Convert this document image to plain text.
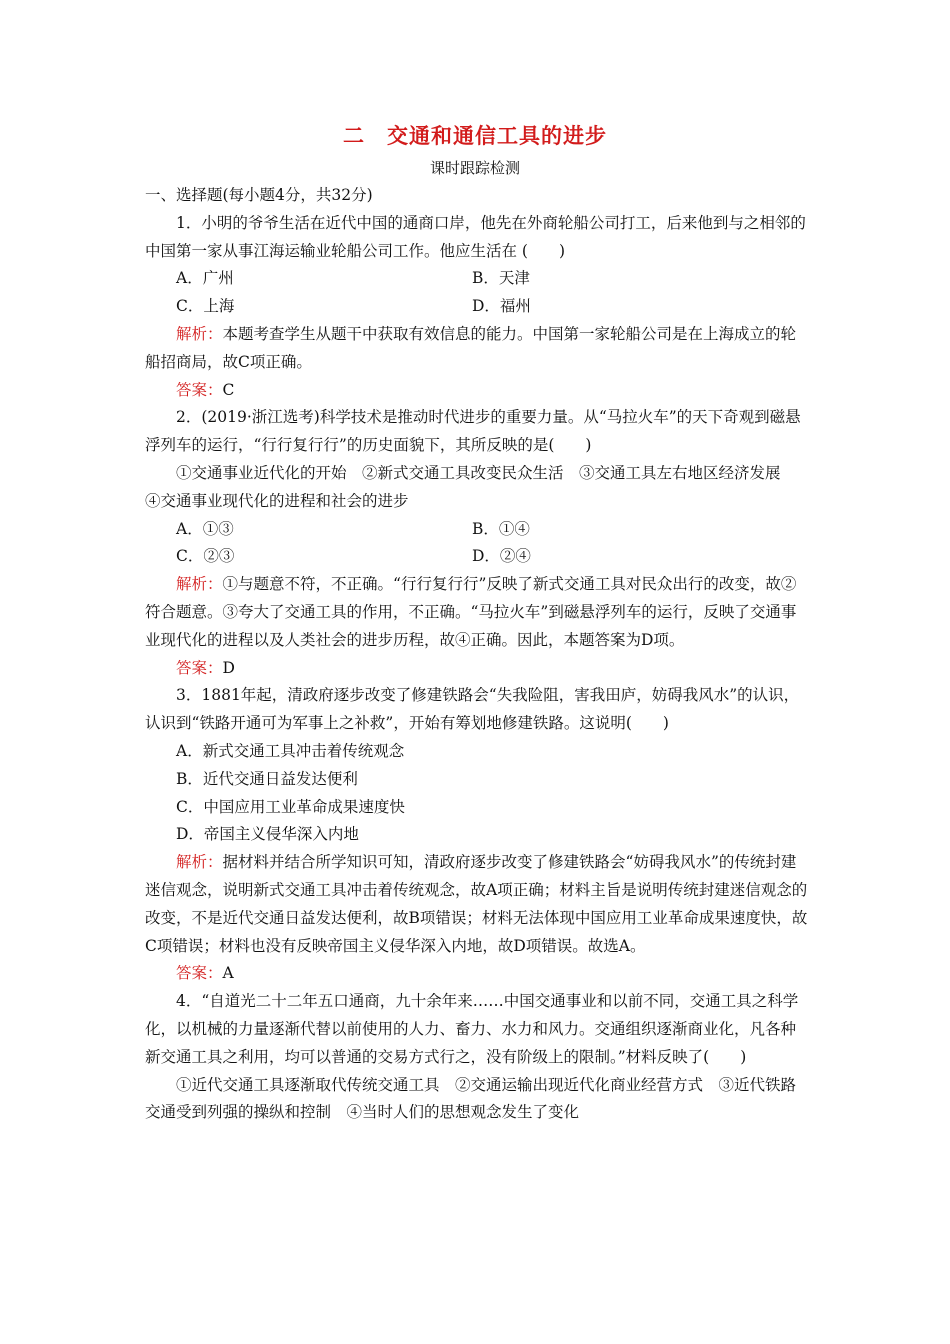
二　交通和通信工具的进步
课时跟踪检测

一、选择题(每小题4分，共32分)

1．小明的爷爷生活在近代中国的通商口岸，他先在外商轮船公司打工，后来他到与之相邻的中国第一家从事江海运输业轮船公司工作。他应生活在 (　　)

A．广州	B．天津
C．上海	D．福州

解析：本题考查学生从题干中获取有效信息的能力。中国第一家轮船公司是在上海成立的轮船招商局，故C项正确。

答案：C

2．(2019·浙江选考)科学技术是推动时代进步的重要力量。从“马拉火车”的天下奇观到磁悬浮列车的运行，“行行复行行”的历史面貌下，其所反映的是(　　)

①交通事业近代化的开始　②新式交通工具改变民众生活　③交通工具左右地区经济发展　④交通事业现代化的进程和社会的进步

A．①③	B．①④
C．②③	D．②④

解析：①与题意不符，不正确。“行行复行行”反映了新式交通工具对民众出行的改变，故②符合题意。③夸大了交通工具的作用，不正确。“马拉火车”到磁悬浮列车的运行，反映了交通事业现代化的进程以及人类社会的进步历程，故④正确。因此，本题答案为D项。

答案：D

3．1881年起，清政府逐步改变了修建铁路会“失我险阻，害我田庐，妨碍我风水”的认识，认识到“铁路开通可为军事上之补救”，开始有筹划地修建铁路。这说明(　　)

A．新式交通工具冲击着传统观念

B．近代交通日益发达便利

C．中国应用工业革命成果速度快

D．帝国主义侵华深入内地

解析：据材料并结合所学知识可知，清政府逐步改变了修建铁路会“妨碍我风水”的传统封建迷信观念，说明新式交通工具冲击着传统观念，故A项正确；材料主旨是说明传统封建迷信观念的改变，不是近代交通日益发达便利，故B项错误；材料无法体现中国应用工业革命成果速度快，故C项错误；材料也没有反映帝国主义侵华深入内地，故D项错误。故选A。

答案：A

4．“自道光二十二年五口通商，九十余年来……中国交通事业和以前不同，交通工具之科学化，以机械的力量逐渐代替以前使用的人力、畜力、水力和风力。交通组织逐渐商业化，凡各种新交通工具之利用，均可以普通的交易方式行之，没有阶级上的限制。”材料反映了(　　)

①近代交通工具逐渐取代传统交通工具　②交通运输出现近代化商业经营方式　③近代铁路交通受到列强的操纵和控制　④当时人们的思想观念发生了变化
